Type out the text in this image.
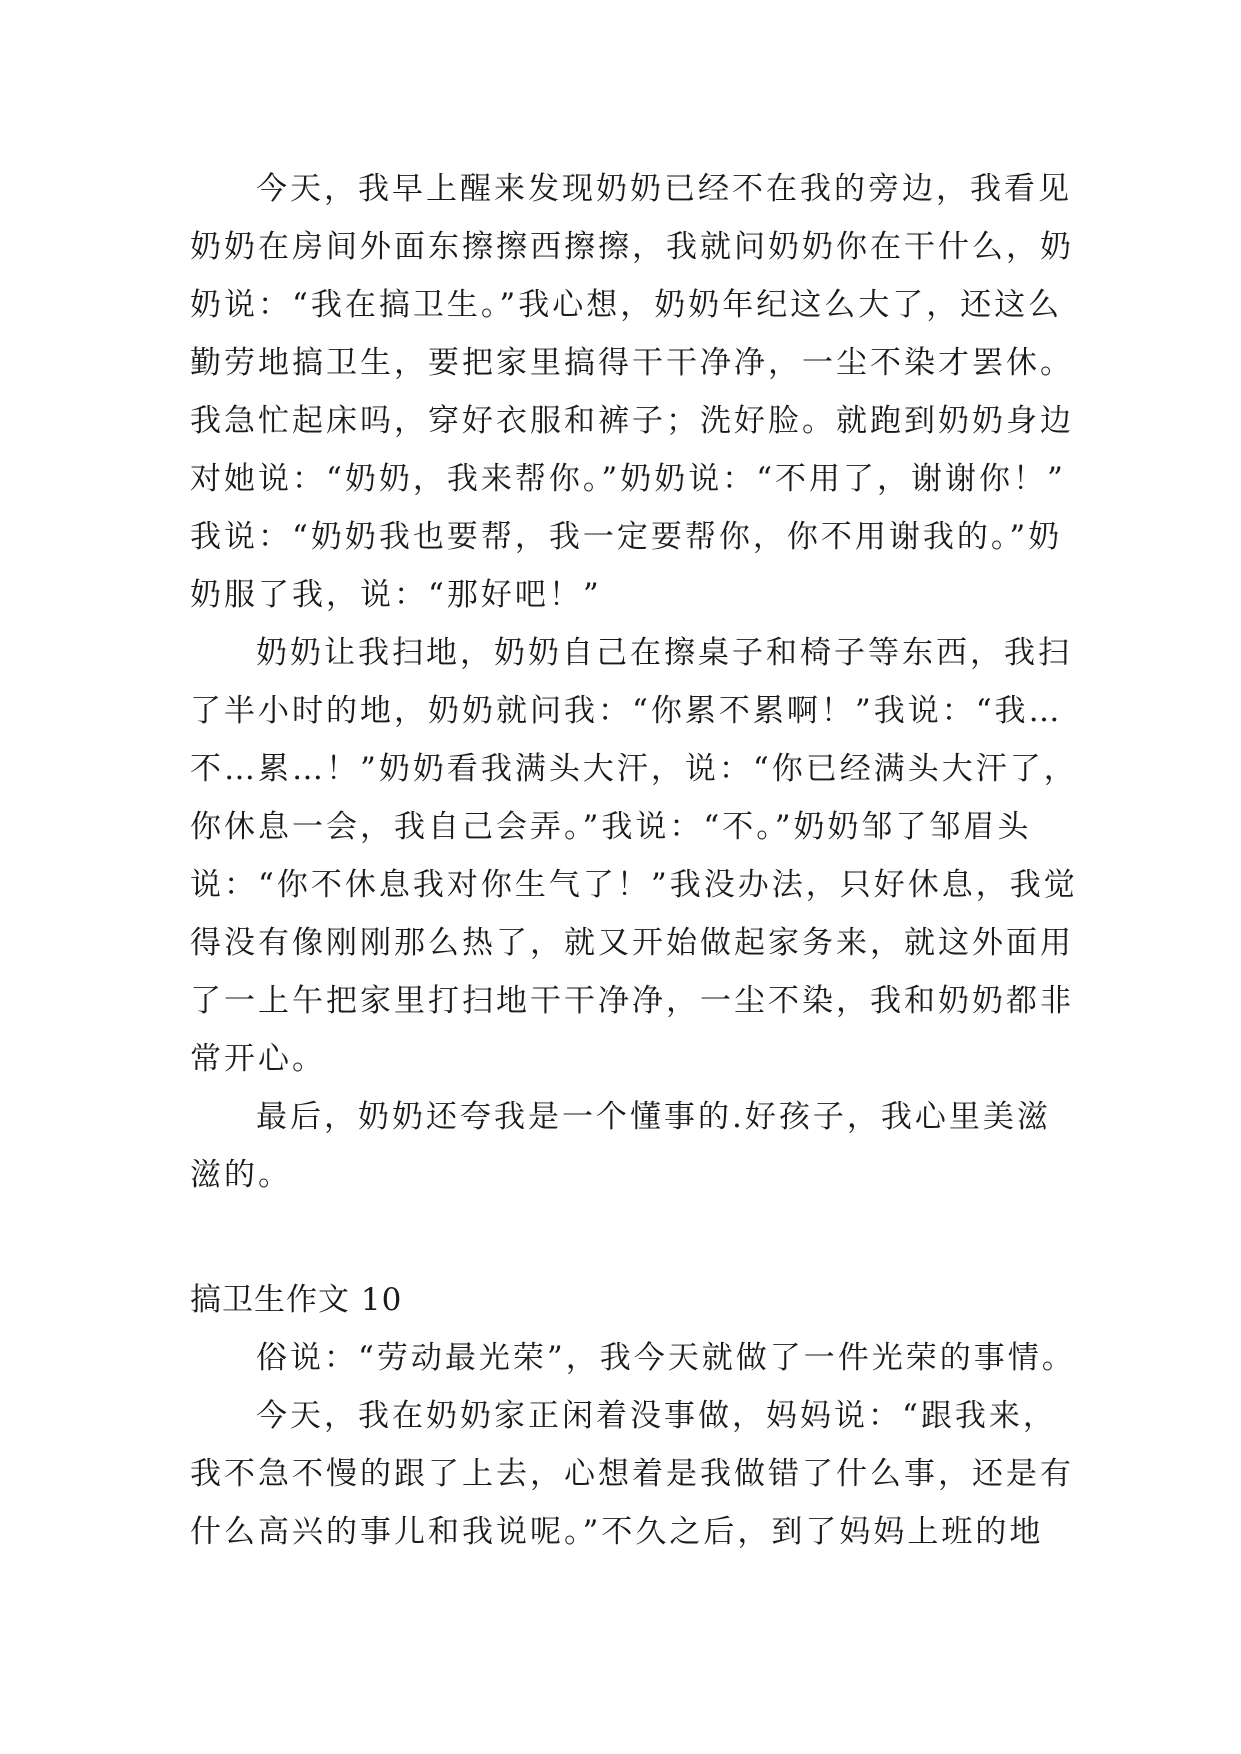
今天，我早上醒来发现奶奶已经不在我的旁边，我看见
奶奶在房间外面东擦擦西擦擦，我就问奶奶你在干什么，奶
奶说：“我在搞卫生。”我心想，奶奶年纪这么大了，还这么
勤劳地搞卫生，要把家里搞得干干净净，一尘不染才罢休。
我急忙起床吗，穿好衣服和裤子；洗好脸。就跑到奶奶身边
对她说：“奶奶，我来帮你。”奶奶说：“不用了，谢谢你！”
我说：“奶奶我也要帮，我一定要帮你，你不用谢我的。”奶
奶服了我，说：“那好吧！”
奶奶让我扫地，奶奶自己在擦桌子和椅子等东西，我扫
了半小时的地，奶奶就问我：“你累不累啊！”我说：“我…
不…累…！”奶奶看我满头大汗，说：“你已经满头大汗了，
你休息一会，我自己会弄。”我说：“不。”奶奶邹了邹眉头
说：“你不休息我对你生气了！”我没办法，只好休息，我觉
得没有像刚刚那么热了，就又开始做起家务来，就这外面用
了一上午把家里打扫地干干净净，一尘不染，我和奶奶都非
常开心。
最后，奶奶还夸我是一个懂事的.好孩子，我心里美滋
滋的。
搞卫生作文 10
俗说：“劳动最光荣”，我今天就做了一件光荣的事情。
今天，我在奶奶家正闲着没事做，妈妈说：“跟我来，
我不急不慢的跟了上去，心想着是我做错了什么事，还是有
什么高兴的事儿和我说呢。”不久之后，到了妈妈上班的地
